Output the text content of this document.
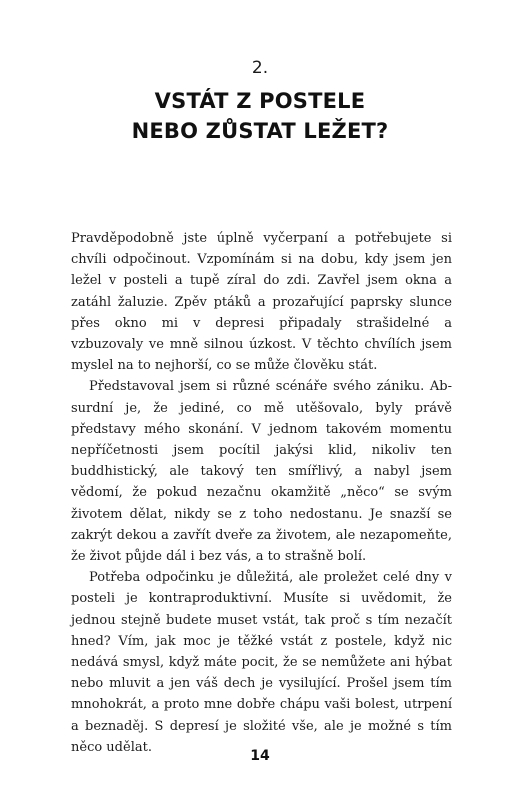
2.
VSTÁT Z POSTELE
NEBO ZŮSTAT LEŽET?

Pravděpodobně jste úplně vyčerpaní a potřebujete si chvíli odpočinout. Vzpomínám si na dobu, kdy jsem jen ležel v posteli a tupě zíral do zdi. Zavřel jsem okna a zatáhl žaluzie. Zpěv ptáků a prozařující paprsky slunce přes okno mi v depresi připadaly strašidelné a vzbuzovaly ve mně silnou úzkost. V těchto chvílích jsem myslel na to nejhorší, co se může člověku stát.

Představoval jsem si různé scénáře svého zániku. Absurdní je, že jediné, co mě utěšovalo, byly právě představy mého skonání. V jednom takovém momentu nepříčetnosti jsem pocítil jakýsi klid, nikoliv ten buddhistický, ale takový ten smířlivý, a nabyl jsem vědomí, že pokud nezačnu okamžitě „něco“ se svým životem dělat, nikdy se z toho nedostanu. Je snazší se zakrýt dekou a zavřít dveře za životem, ale nezapomeňte, že život půjde dál i bez vás, a to strašně bolí.

Potřeba odpočinku je důležitá, ale proležet celé dny v posteli je kontraproduktivní. Musíte si uvědomit, že jednou stejně budete muset vstát, tak proč s tím nezačít hned? Vím, jak moc je těžké vstát z postele, když nic nedává smysl, když máte pocit, že se nemůžete ani hýbat nebo mluvit a jen váš dech je vysilující. Prošel jsem tím mnohokrát, a proto mne dobře chápu vaši bolest, utrpení a beznaděj. S depresí je složité vše, ale je možné s tím něco udělat.

14
